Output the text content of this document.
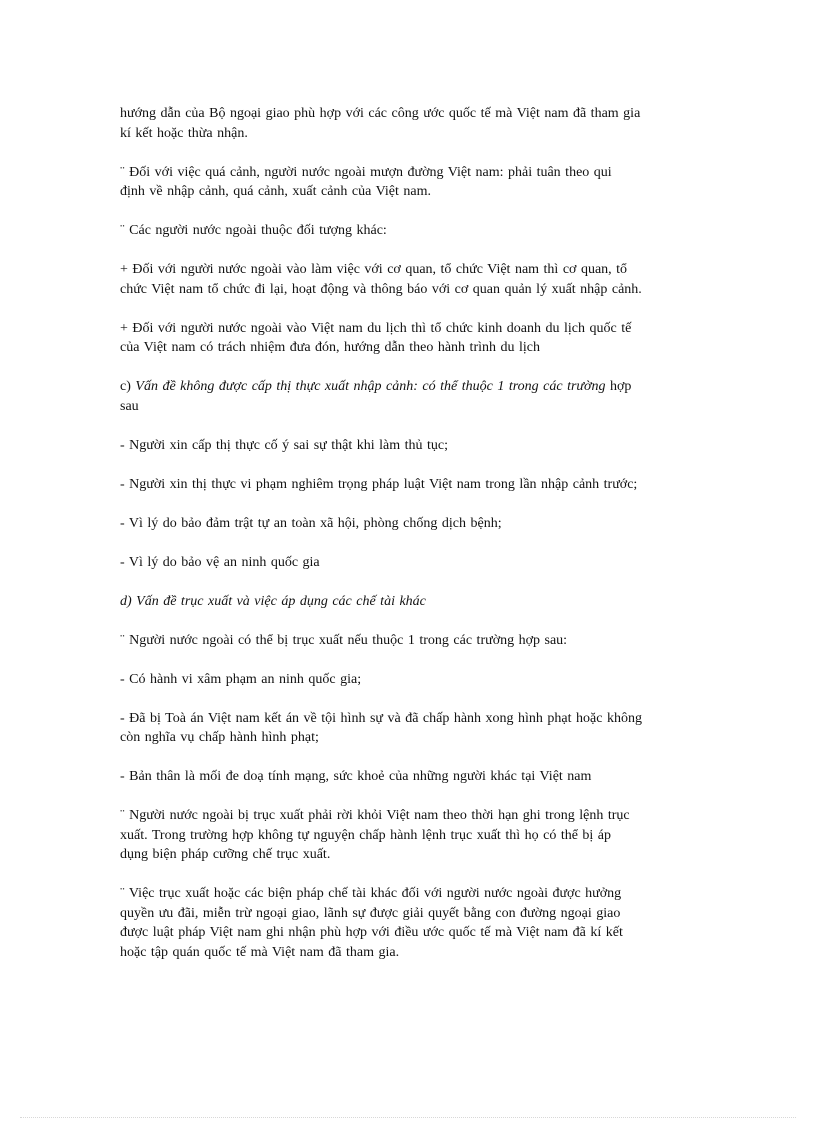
hướng dẫn của Bộ ngoại giao phù hợp với các công ước quốc tế mà Việt nam đã tham gia
kí kết hoặc thừa nhận.

¨ Đối với việc quá cảnh, người nước ngoài mượn đường Việt nam: phải tuân theo qui
định về nhập cảnh, quá cảnh, xuất cảnh của Việt nam.

¨ Các người nước ngoài thuộc đối tượng khác:

+ Đối với người nước ngoài vào làm việc với cơ quan, tổ chức Việt nam thì cơ quan, tổ
chức Việt nam tổ chức đi lại, hoạt động và thông báo với cơ quan quản lý xuất nhập cảnh.

+ Đối với người nước ngoài vào Việt nam du lịch thì tổ chức kinh doanh du lịch quốc tế
của Việt nam có trách nhiệm đưa đón, hướng dẫn theo hành trình du lịch

c) Vấn đề không được cấp thị thực xuất nhập cảnh: có thể thuộc 1 trong các trường hợp
sau

- Người xin cấp thị thực cố ý sai sự thật khi làm thủ tục;

- Người xin thị thực vi phạm nghiêm trọng pháp luật Việt nam trong lần nhập cảnh trước;

- Vì lý do bảo đảm trật tự an toàn xã hội, phòng chống dịch bệnh;

- Vì lý do bảo vệ an ninh quốc gia

d) Vấn đề trục xuất và việc áp dụng các chế tài khác

¨ Người nước ngoài có thể bị trục xuất nếu thuộc 1 trong các trường hợp sau:

- Có hành vi xâm phạm an ninh quốc gia;

- Đã bị Toà án Việt nam kết án về tội hình sự và đã chấp hành xong hình phạt hoặc không
còn nghĩa vụ chấp hành hình phạt;

- Bản thân là mối đe doạ tính mạng, sức khoẻ của những người khác tại Việt nam

¨ Người nước ngoài bị trục xuất phải rời khỏi Việt nam theo thời hạn ghi trong lệnh trục
xuất. Trong trường hợp không tự nguyện chấp hành lệnh trục xuất thì họ có thể bị áp
dụng biện pháp cưỡng chế trục xuất.

¨ Việc trục xuất hoặc các biện pháp chế tài khác đối với người nước ngoài được hưởng
quyền ưu đãi, miễn trừ ngoại giao, lãnh sự được giải quyết bằng con đường ngoại giao
được luật pháp Việt nam ghi nhận phù hợp với điều ước quốc tế mà Việt nam đã kí kết
hoặc tập quán quốc tế mà Việt nam đã tham gia.
